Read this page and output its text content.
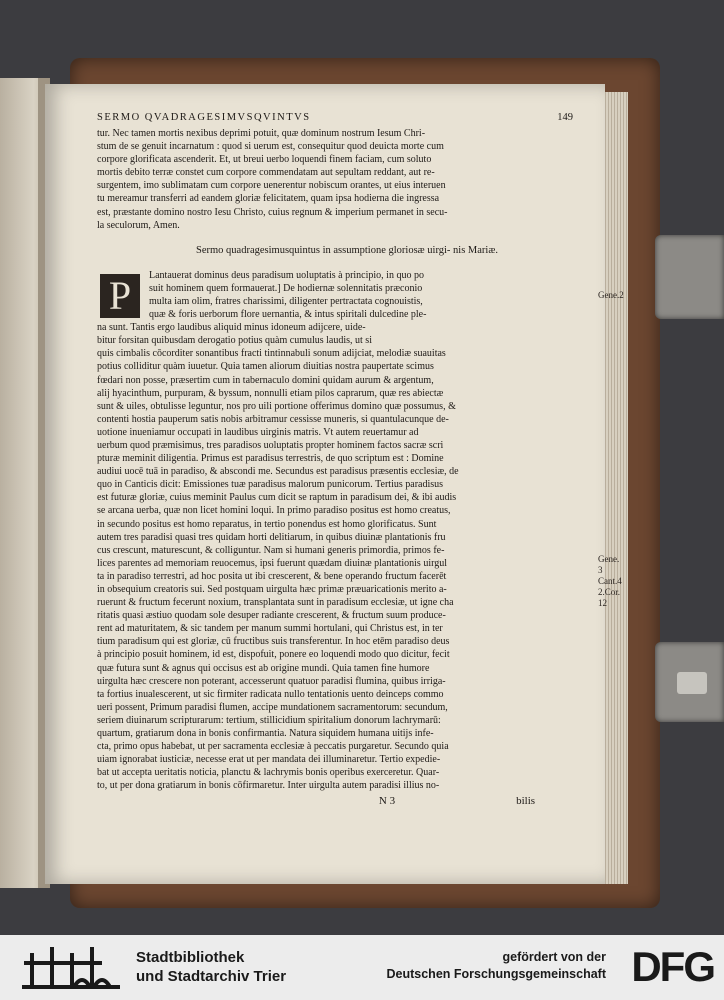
SERMO QVADRAGESIMVSQVINTVS	149
tur. Nec tamen mortis nexibus deprimi potuit, quæ dominum nostrum Iesum Chri-
stum de se genuit incarnatum : quod si uerum est, consequitur quod deuicta morte cum
corpore glorificata ascenderit. Et, ut breui uerbo loquendi finem faciam, cum soluto
mortis debito terræ constet cum corpore commendatam aut sepultam reddant, aut re-
surgentem, imo sublimatam cum corpore uenerentur nobiscum orantes, ut eius interuen
tu mereamur transferri ad eandem gloriæ felicitatem, quam ipsa hodierna die ingressa
est, præstante domino nostro Iesu Christo, cuius regnum & imperium permanet in secu-
la seculorum, Amen.
Sermo quadragesimusquintus in assumptione gloriosæ uirgi- nis Mariæ.
P	Lantauerat dominus deus paradisum uoluptatis à principio, in quo po
suit hominem quem formauerat.] De hodiernæ solennitatis præconio
multa iam olim, fratres charissimi, diligenter pertractata cognouistis,
quæ & foris uerborum flore uernantia, & intus spiritali dulcedine ple-
na sunt. Tantis ergo laudibus aliquid minus idoneum adijcere, uide-
bitur forsitan quibusdam derogatio potius quàm cumulus laudis, ut si
quis cimbalis cōcorditer sonantibus fracti tintinnabuli sonum adijciat, melodiæ suauitas
potius colliditur quàm iuuetur. Quia tamen aliorum diuitias nostra paupertate scimus
fœdari non posse, præsertim cum in tabernaculo domini quidam aurum & argentum,
alij hyacinthum, purpuram, & byssum, nonnulli etiam pilos caprarum, quæ res abiectæ
sunt & uiles, obtulisse leguntur, nos pro uili portione offerimus domino quæ possumus, &
contenti hostia pauperum satis nobis arbitramur cessisse muneris, si quantulacunque de-
uotione inueniamur occupati in laudibus uirginis matris. Vt autem reuertamur ad
uerbum quod præmisimus, tres paradisos uoluptatis propter hominem factos sacræ scri
pturæ meminit diligentia. Primus est paradisus terrestris, de quo scriptum est : Domine
audiui uocē tuā in paradiso, & abscondi me. Secundus est paradisus præsentis ecclesiæ, de
quo in Canticis dicit: Emissiones tuæ paradisus malorum punicorum. Tertius paradisus
est futuræ gloriæ, cuius meminit Paulus cum dicit se raptum in paradisum dei, & ibi audis
se arcana uerba, quæ non licet homini loqui. In primo paradiso positus est homo creatus,
in secundo positus est homo reparatus, in tertio ponendus est homo glorificatus. Sunt
autem tres paradisi quasi tres quidam horti delitiarum, in quibus diuinæ plantationis fru
cus crescunt, maturescunt, & colliguntur. Nam si humani generis primordia, primos fe-
lices parentes ad memoriam reuocemus, ipsi fuerunt quædam diuinæ plantationis uirgul
ta in paradiso terrestri, ad hoc posita ut ibi crescerent, & bene operando fructum facerēt
in obsequium creatoris sui. Sed postquam uirgulta hæc primæ præuaricationis merito a-
ruerunt & fructum fecerunt noxium, transplantata sunt in paradisum ecclesiæ, ut igne cha
ritatis quasi æstiuo quodam sole desuper radiante crescerent, & fructum suum produce-
rent ad maturitatem, & sic tandem per manum summi hortulani, qui Christus est, in ter
tium paradisum qui est gloriæ, cū fructibus suis transferentur. In hoc etēm paradiso deus
à principio posuit hominem, id est, dispofuit, ponere eo loquendi modo quo dicitur, fecit
quæ futura sunt & agnus qui occisus est ab origine mundi. Quia tamen fine humore
uirgulta hæc crescere non poterant, accesserunt quatuor paradisi flumina, quibus irriga-
ta fortius inualescerent, ut sic firmiter radicata nullo tentationis uento deinceps commo
ueri possent, Primum paradisi flumen, accipe mundationem sacramentorum: secundum,
seriem diuinarum scripturarum: tertium, stillicidium spiritalium donorum lachrymarū:
quartum, gratiarum dona in bonis confirmantia. Natura siquidem humana uitijs infe-
cta, primo opus habebat, ut per sacramenta ecclesiæ à peccatis purgaretur. Secundo quia
uiam ignorabat iusticiæ, necesse erat ut per mandata dei illuminaretur. Tertio expedie-
bat ut accepta ueritatis noticia, planctu & lachrymis bonis operibus exerceretur. Quar-
to, ut per dona gratiarum in bonis cōfirmaretur. Inter uirgulta autem paradisi illius no-
N 3	bilis
Gene.2
Gene. 3
Cant.4
2.Cor. 12
Stadtbibliothek
und Stadtarchiv Trier
gefördert von der
Deutschen Forschungsgemeinschaft DFG
